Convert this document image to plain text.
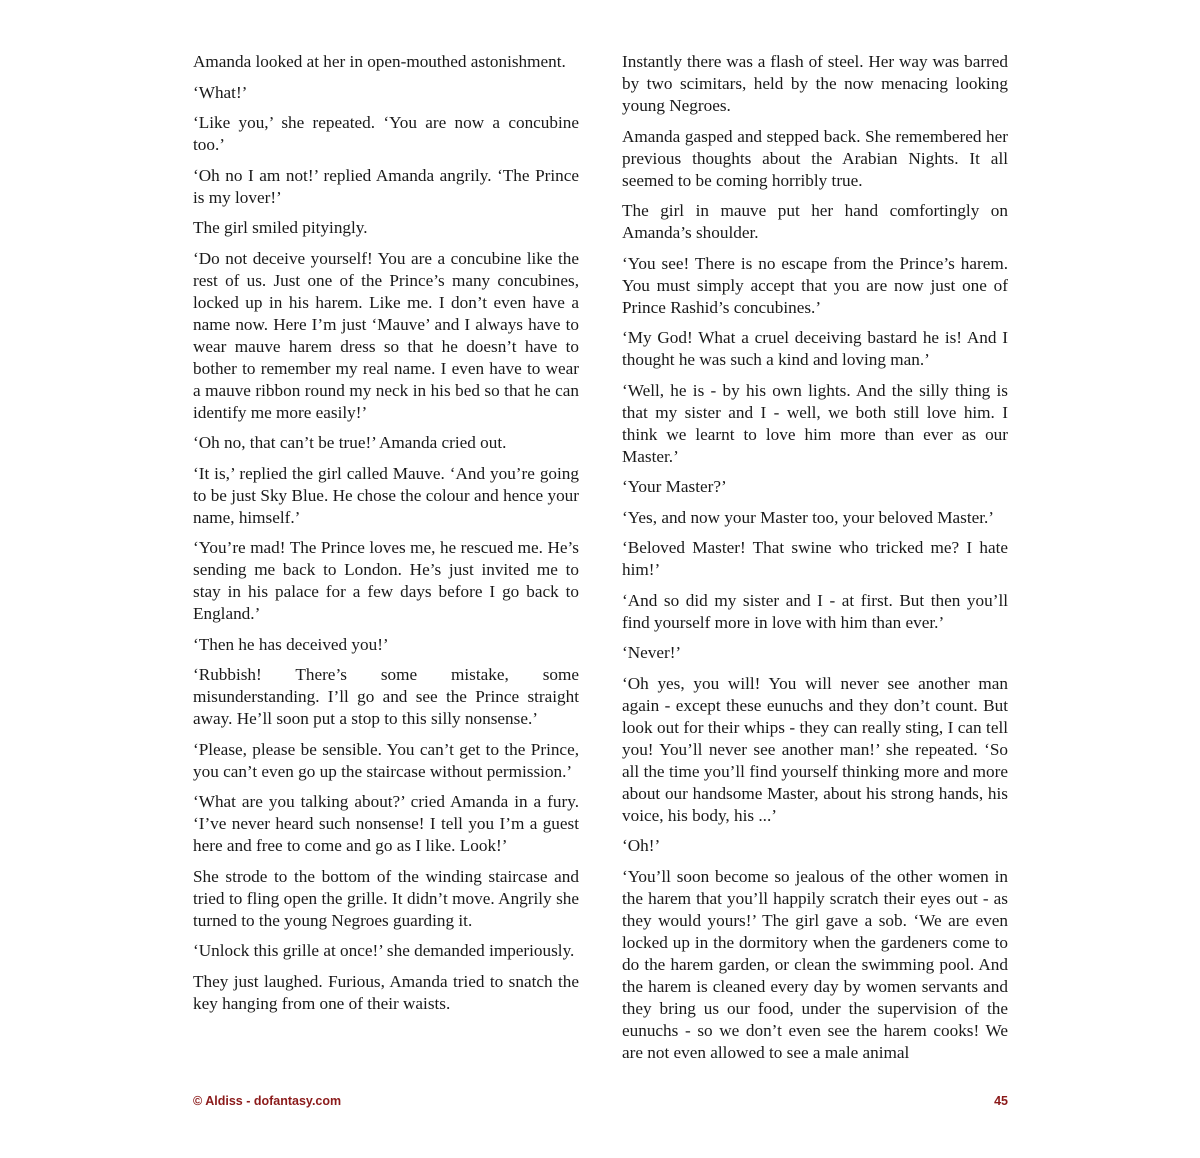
Amanda looked at her in open-mouthed astonishment.

‘What!’

‘Like you,’ she repeated. ‘You are now a concubine too.’

‘Oh no I am not!’ replied Amanda angrily. ‘The Prince is my lover!’

The girl smiled pityingly.

‘Do not deceive yourself! You are a concubine like the rest of us. Just one of the Prince’s many concubines, locked up in his harem. Like me. I don’t even have a name now. Here I’m just ‘Mauve’ and I always have to wear mauve harem dress so that he doesn’t have to bother to remember my real name. I even have to wear a mauve ribbon round my neck in his bed so that he can identify me more easily!’

‘Oh no, that can’t be true!’ Amanda cried out.

‘It is,’ replied the girl called Mauve. ‘And you’re going to be just Sky Blue. He chose the colour and hence your name, himself.’

‘You’re mad! The Prince loves me, he rescued me. He’s sending me back to London. He’s just invited me to stay in his palace for a few days before I go back to England.’

‘Then he has deceived you!’

‘Rubbish! There’s some mistake, some misunderstanding. I’ll go and see the Prince straight away. He’ll soon put a stop to this silly nonsense.’

‘Please, please be sensible. You can’t get to the Prince, you can’t even go up the staircase without permission.’

‘What are you talking about?’ cried Amanda in a fury. ‘I’ve never heard such nonsense! I tell you I’m a guest here and free to come and go as I like. Look!’

She strode to the bottom of the winding staircase and tried to fling open the grille. It didn’t move. Angrily she turned to the young Negroes guarding it.

‘Unlock this grille at once!’ she demanded imperiously.

They just laughed. Furious, Amanda tried to snatch the key hanging from one of their waists.

Instantly there was a flash of steel. Her way was barred by two scimitars, held by the now menacing looking young Negroes.

Amanda gasped and stepped back. She remembered her previous thoughts about the Arabian Nights. It all seemed to be coming horribly true.

The girl in mauve put her hand comfortingly on Amanda’s shoulder.

‘You see! There is no escape from the Prince’s harem. You must simply accept that you are now just one of Prince Rashid’s concubines.’

‘My God! What a cruel deceiving bastard he is! And I thought he was such a kind and loving man.’

‘Well, he is - by his own lights. And the silly thing is that my sister and I - well, we both still love him. I think we learnt to love him more than ever as our Master.’

‘Your Master?’

‘Yes, and now your Master too, your beloved Master.’

‘Beloved Master! That swine who tricked me? I hate him!’

‘And so did my sister and I - at first. But then you’ll find yourself more in love with him than ever.’

‘Never!’

‘Oh yes, you will! You will never see another man again - except these eunuchs and they don’t count. But look out for their whips - they can really sting, I can tell you! You’ll never see another man!’ she repeated. ‘So all the time you’ll find yourself thinking more and more about our handsome Master, about his strong hands, his voice, his body, his ...’

‘Oh!’

‘You’ll soon become so jealous of the other women in the harem that you’ll happily scratch their eyes out - as they would yours!’ The girl gave a sob. ‘We are even locked up in the dormitory when the gardeners come to do the harem garden, or clean the swimming pool. And the harem is cleaned every day by women servants and they bring us our food, under the supervision of the eunuchs - so we don’t even see the harem cooks! We are not even allowed to see a male animal

© Aldiss - dofantasy.com	45
